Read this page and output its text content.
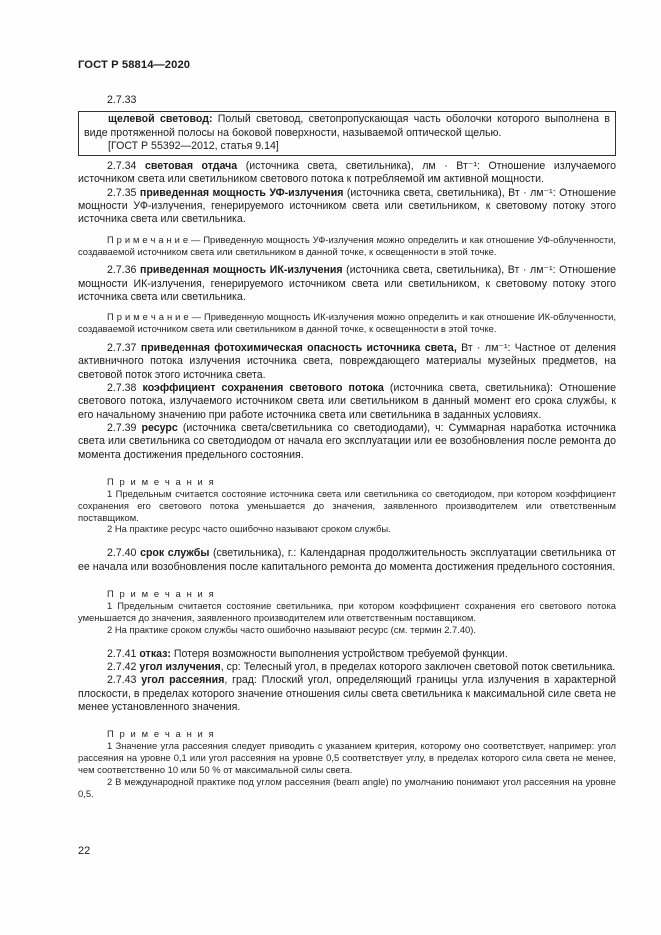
ГОСТ Р 58814—2020
2.7.33
щелевой световод: Полый световод, светопропускающая часть оболочки которого выполнена в виде протяженной полосы на боковой поверхности, называемой оптической щелью.
[ГОСТ Р 55392—2012, статья 9.14]
2.7.34 световая отдача (источника света, светильника), лм · Вт⁻¹: Отношение излучаемого источником света или светильником светового потока к потребляемой им активной мощности.
2.7.35 приведенная мощность УФ-излучения (источника света, светильника), Вт · лм⁻¹: Отношение мощности УФ-излучения, генерируемого источником света или светильником, к световому потоку этого источника света или светильника.
П р и м е ч а н и е — Приведенную мощность УФ-излучения можно определить и как отношение УФ-облученности, создаваемой источником света или светильником в данной точке, к освещенности в этой точке.
2.7.36 приведенная мощность ИК-излучения (источника света, светильника), Вт · лм⁻¹: Отношение мощности ИК-излучения, генерируемого источником света или светильником, к световому потоку этого источника света или светильника.
П р и м е ч а н и е — Приведенную мощность ИК-излучения можно определить и как отношение ИК-облученности, создаваемой источником света или светильником в данной точке, к освещенности в этой точке.
2.7.37 приведенная фотохимическая опасность источника света, Вт · лм⁻¹: Частное от деления активничного потока излучения источника света, повреждающего материалы музейных предметов, на световой поток этого источника света.
2.7.38 коэффициент сохранения светового потока (источника света, светильника): Отношение светового потока, излучаемого источником света или светильником в данный момент его срока службы, к его начальному значению при работе источника света или светильника в заданных условиях.
2.7.39 ресурс (источника света/светильника со светодиодами), ч: Суммарная наработка источника света или светильника со светодиодом от начала его эксплуатации или ее возобновления после ремонта до момента достижения предельного состояния.
П р и м е ч а н и я
1 Предельным считается состояние источника света или светильника со светодиодом, при котором коэффициент сохранения его светового потока уменьшается до значения, заявленного производителем или ответственным поставщиком.
2 На практике ресурс часто ошибочно называют сроком службы.
2.7.40 срок службы (светильника), г.: Календарная продолжительность эксплуатации светильника от ее начала или возобновления после капитального ремонта до момента достижения предельного состояния.
П р и м е ч а н и я
1 Предельным считается состояние светильника, при котором коэффициент сохранения его светового потока уменьшается до значения, заявленного производителем или ответственным поставщиком.
2 На практике сроком службы часто ошибочно называют ресурс (см. термин 2.7.40).
2.7.41 отказ: Потеря возможности выполнения устройством требуемой функции.
2.7.42 угол излучения, ср: Телесный угол, в пределах которого заключен световой поток светильника.
2.7.43 угол рассеяния, град: Плоский угол, определяющий границы угла излучения в характерной плоскости, в пределах которого значение отношения силы света светильника к максимальной силе света не менее установленного значения.
П р и м е ч а н и я
1 Значение угла рассеяния следует приводить с указанием критерия, которому оно соответствует, например: угол рассеяния на уровне 0,1 или угол рассеяния на уровне 0,5 соответствует углу, в пределах которого сила света не менее, чем соответственно 10 или 50 % от максимальной силы света.
2 В международной практике под углом рассеяния (beam angle) по умолчанию понимают угол рассеяния на уровне 0,5.
22
